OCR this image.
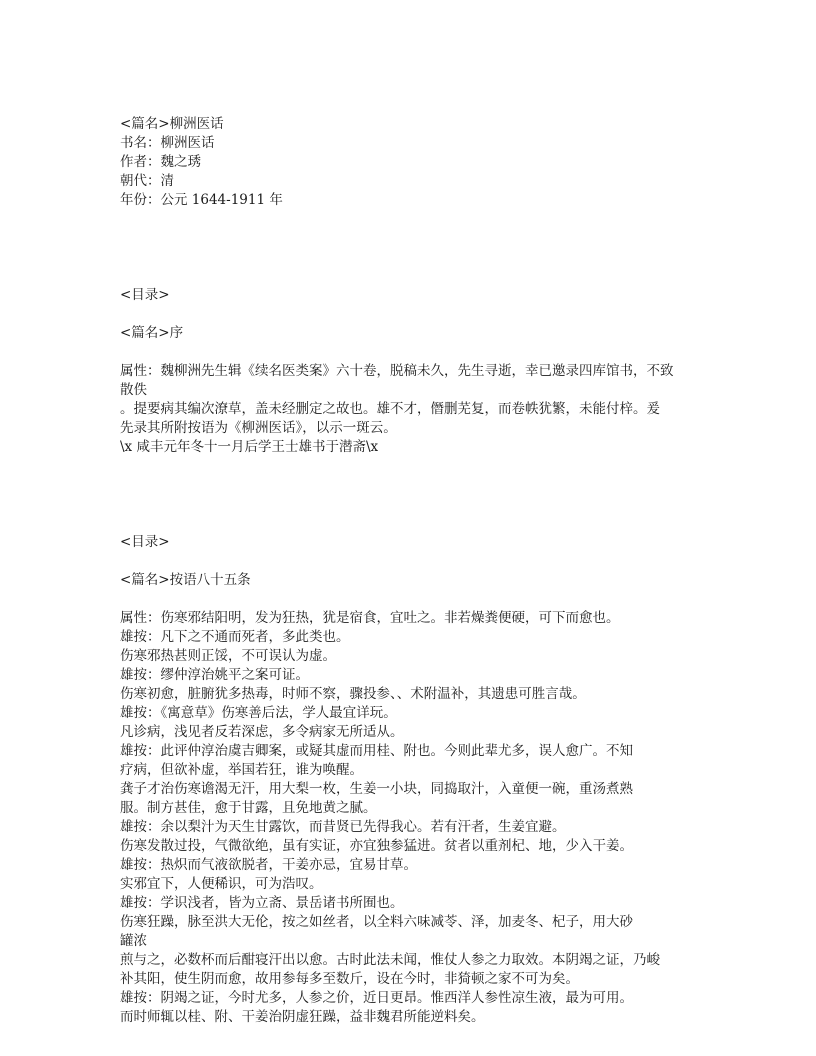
<篇名>柳洲医话
书名：柳洲医话
作者：魏之琇
朝代：清
年份：公元 1644-1911 年
<目录>
<篇名>序
属性：魏柳洲先生辑《续名医类案》六十卷，脱稿未久，先生寻逝，幸已邀录四库馆书，不致
散佚
。提要病其编次潦草，盖未经删定之故也。雄不才，僭删芜复，而卷帙犹繁，未能付梓。爰
先录其所附按语为《柳洲医话》，以示一斑云。
\x 咸丰元年冬十一月后学王士雄书于潜斋\x
<目录>
<篇名>按语八十五条
属性：伤寒邪结阳明，发为狂热，犹是宿食，宜吐之。非若燥粪便硬，可下而愈也。
雄按：凡下之不通而死者，多此类也。
伤寒邪热甚则正馁，不可误认为虚。
雄按：缪仲淳治姚平之案可证。
伤寒初愈，脏腑犹多热毒，时师不察，骤投参、、术附温补，其遗患可胜言哉。
雄按：《寓意草》伤寒善后法，学人最宜详玩。
凡诊病，浅见者反若深虑，多令病家无所适从。
雄按：此评仲淳治虞吉卿案，或疑其虚而用桂、附也。今则此辈尤多，误人愈广。不知
疗病，但欲补虚，举国若狂，谁为唤醒。
龚子才治伤寒谵渴无汗，用大梨一枚，生姜一小块，同捣取汁，入童便一碗，重汤煮熟
服。制方甚佳，愈于甘露，且免地黄之腻。
雄按：余以梨汁为天生甘露饮，而昔贤已先得我心。若有汗者，生姜宜避。
伤寒发散过投，气微欲绝，虽有实证，亦宜独参猛进。贫者以重剂杞、地，少入干姜。
雄按：热炽而气液欲脱者，干姜亦忌，宜易甘草。
实邪宜下，人便稀识，可为浩叹。
雄按：学识浅者，皆为立斋、景岳诸书所囿也。
伤寒狂躁，脉至洪大无伦，按之如丝者，以全料六味减苓、泽，加麦冬、杞子，用大砂
罐浓
煎与之，必数杯而后酣寝汗出以愈。古时此法未闻，惟仗人参之力取效。本阴竭之证，乃峻
补其阳，使生阴而愈，故用参每多至数斤，设在今时，非猗顿之家不可为矣。
雄按：阴竭之证，今时尤多，人参之价，近日更昂。惟西洋人参性凉生液，最为可用。
而时师辄以桂、附、干姜治阴虚狂躁，益非魏君所能逆料矣。
